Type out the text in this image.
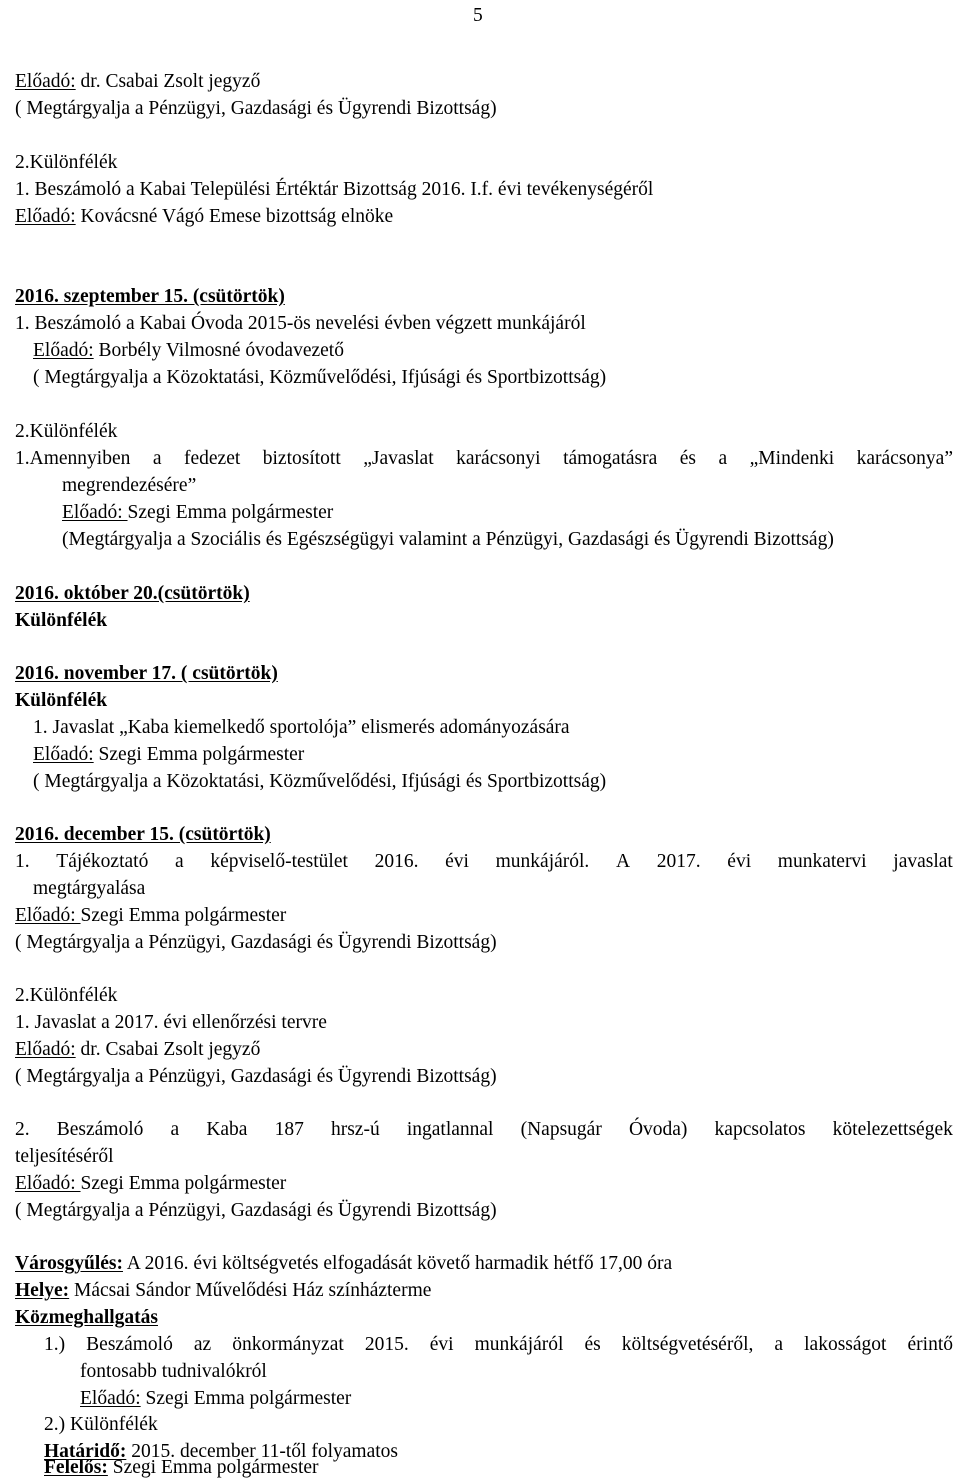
5
Előadó: dr. Csabai Zsolt jegyző
( Megtárgyalja a Pénzügyi, Gazdasági és Ügyrendi Bizottság)
2.Különfélék
1. Beszámoló a Kabai Települési Értéktár Bizottság 2016. I.f. évi tevékenységéről
Előadó: Kovácsné Vágó Emese bizottság elnöke
2016. szeptember 15. (csütörtök)
1. Beszámoló a Kabai Óvoda 2015-ös nevelési évben végzett munkájáról
Előadó: Borbély Vilmosné óvodavezető
( Megtárgyalja a Közoktatási, Közművelődési, Ifjúsági és Sportbizottság)
2.Különfélék
1.Amennyiben a fedezet biztosított „Javaslat karácsonyi támogatásra és a „Mindenki karácsonya”
megrendezésére”
Előadó: Szegi Emma polgármester
(Megtárgyalja a Szociális és Egészségügyi valamint a Pénzügyi, Gazdasági és Ügyrendi Bizottság)
2016. október 20.(csütörtök)
Különfélék
2016. november 17. ( csütörtök)
Különfélék
1. Javaslat „Kaba kiemelkedő sportolója” elismerés adományozására
Előadó: Szegi Emma polgármester
( Megtárgyalja a Közoktatási, Közművelődési, Ifjúsági és Sportbizottság)
2016. december 15. (csütörtök)
1. Tájékoztató a képviselő-testület 2016. évi munkájáról. A 2017. évi munkatervi javaslat
megtárgyalása
Előadó: Szegi Emma polgármester
( Megtárgyalja a Pénzügyi, Gazdasági és Ügyrendi Bizottság)
2.Különfélék
1. Javaslat a 2017. évi ellenőrzési tervre
Előadó: dr. Csabai Zsolt jegyző
( Megtárgyalja a Pénzügyi, Gazdasági és Ügyrendi Bizottság)
2. Beszámoló a Kaba 187 hrsz-ú ingatlannal (Napsugár Óvoda) kapcsolatos kötelezettségek
teljesítéséről
Előadó: Szegi Emma polgármester
( Megtárgyalja a Pénzügyi, Gazdasági és Ügyrendi Bizottság)
Városgyűlés: A 2016. évi költségvetés elfogadását követő harmadik hétfő 17,00 óra
Helye: Mácsai Sándor Művelődési Ház színházterme
Közmeghallgatás
1.) Beszámoló az önkormányzat 2015. évi munkájáról és költségvetéséről, a lakosságot érintő
fontosabb tudnivalókról
Előadó: Szegi Emma polgármester
2.) Különfélék
Határidő: 2015. december 11-től folyamatos
Felelős: Szegi Emma polgármester
